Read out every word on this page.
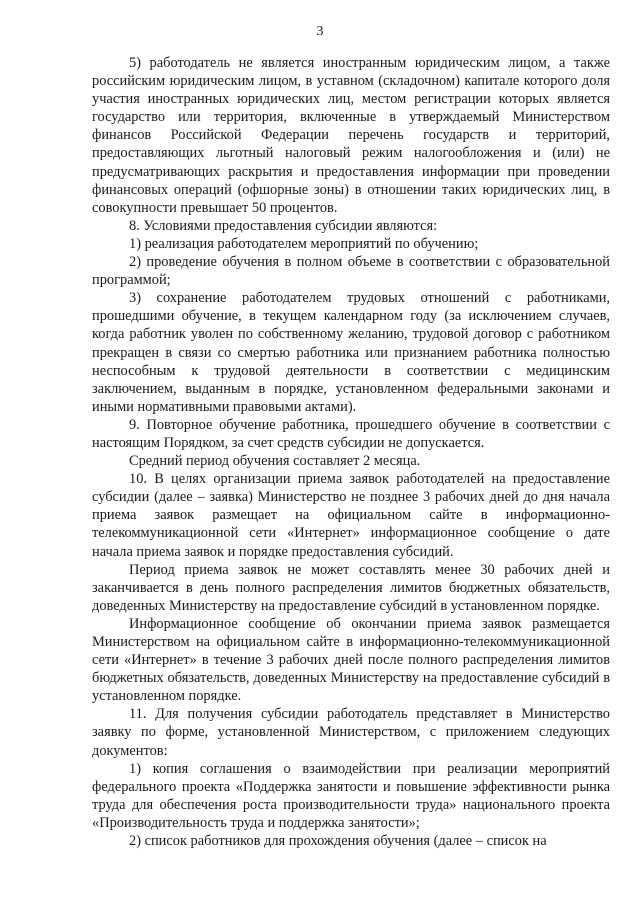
3

5) работодатель не является иностранным юридическим лицом, а также российским юридическим лицом, в уставном (складочном) капитале которого доля участия иностранных юридических лиц, местом регистрации которых является государство или территория, включенные в утверждаемый Министерством финансов Российской Федерации перечень государств и территорий, предоставляющих льготный налоговый режим налогообложения и (или) не предусматривающих раскрытия и предоставления информации при проведении финансовых операций (офшорные зоны) в отношении таких юридических лиц, в совокупности превышает 50 процентов.

8. Условиями предоставления субсидии являются:

1) реализация работодателем мероприятий по обучению;

2) проведение обучения в полном объеме в соответствии с образовательной программой;

3) сохранение работодателем трудовых отношений с работниками, прошедшими обучение, в текущем календарном году (за исключением случаев, когда работник уволен по собственному желанию, трудовой договор с работником прекращен в связи со смертью работника или признанием работника полностью неспособным к трудовой деятельности в соответствии с медицинским заключением, выданным в порядке, установленном федеральными законами и иными нормативными правовыми актами).

9. Повторное обучение работника, прошедшего обучение в соответствии с настоящим Порядком, за счет средств субсидии не допускается.

Средний период обучения составляет 2 месяца.

10. В целях организации приема заявок работодателей на предоставление субсидии (далее – заявка) Министерство не позднее 3 рабочих дней до дня начала приема заявок размещает на официальном сайте в информационно-телекоммуникационной сети «Интернет» информационное сообщение о дате начала приема заявок и порядке предоставления субсидий.

Период приема заявок не может составлять менее 30 рабочих дней и заканчивается в день полного распределения лимитов бюджетных обязательств, доведенных Министерству на предоставление субсидий в установленном порядке.

Информационное сообщение об окончании приема заявок размещается Министерством на официальном сайте в информационно-телекоммуникационной сети «Интернет» в течение 3 рабочих дней после полного распределения лимитов бюджетных обязательств, доведенных Министерству на предоставление субсидий в установленном порядке.

11. Для получения субсидии работодатель представляет в Министерство заявку по форме, установленной Министерством, с приложением следующих документов:

1) копия соглашения о взаимодействии при реализации мероприятий федерального проекта «Поддержка занятости и повышение эффективности рынка труда для обеспечения роста производительности труда» национального проекта «Производительность труда и поддержка занятости»;

2) список работников для прохождения обучения (далее – список на
